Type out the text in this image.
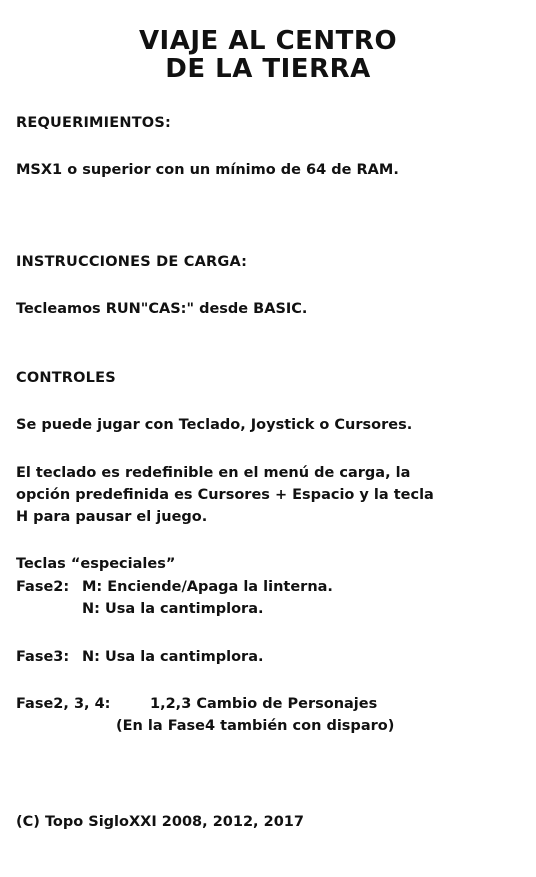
VIAJE AL CENTRO
DE LA TIERRA
REQUERIMIENTOS:
MSX1 o superior con un mínimo de 64 de RAM.
INSTRUCCIONES DE CARGA:
Tecleamos RUN"CAS:" desde BASIC.
CONTROLES
Se puede jugar con Teclado, Joystick o Cursores.
El teclado es redefinible en el menú de carga, la
opción predefinida es Cursores + Espacio y la tecla
H para pausar el juego.
Teclas “especiales”
Fase2: M: Enciende/Apaga la linterna.
N: Usa la cantimplora.
Fase3: N: Usa la cantimplora.
Fase2, 3, 4:	1,2,3 Cambio de Personajes
(En la Fase4 también con disparo)
(C) Topo SigloXXI 2008, 2012, 2017
